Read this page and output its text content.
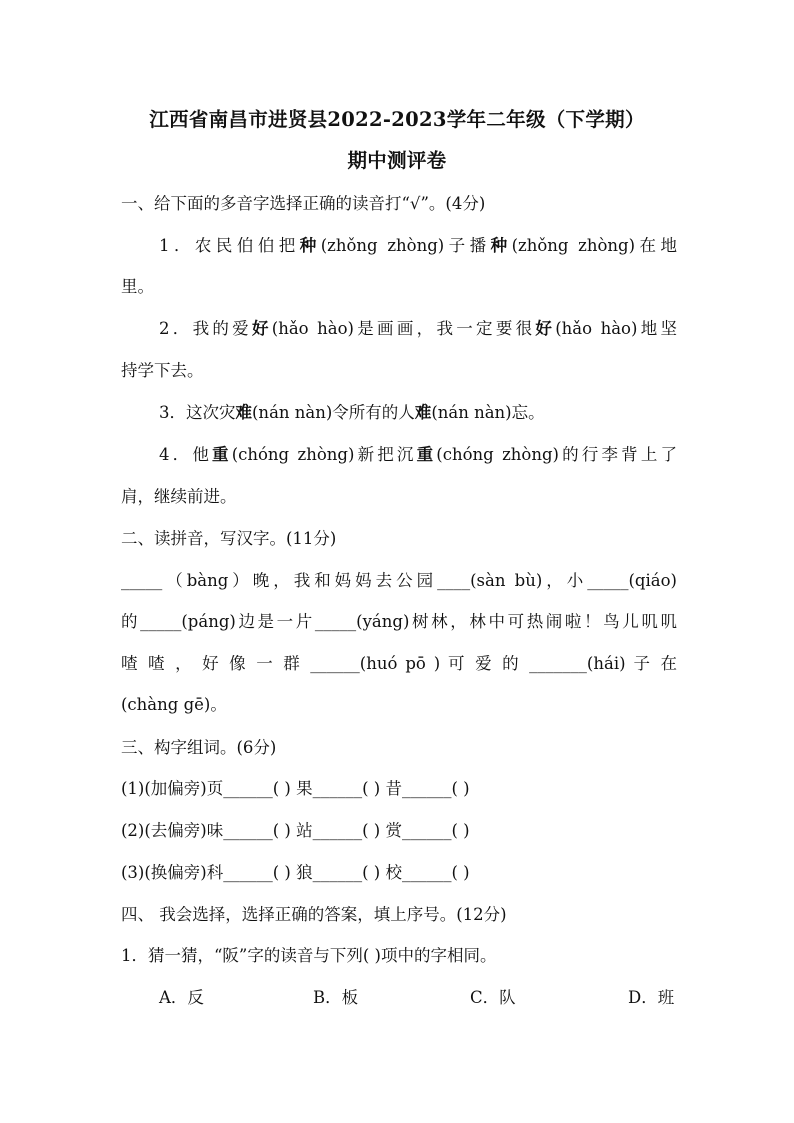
江西省南昌市进贤县2022-2023学年二年级（下学期）
期中测评卷
一、给下面的多音字选择正确的读音打“√”。(4分)
1．农民伯伯把种(zhǒng zhòng)子播种(zhǒng zhòng)在地
里。
2．我的爱好(hǎo hào)是画画，我一定要很好(hǎo hào)地坚
持学下去。
3．这次灾难(nán nàn)令所有的人难(nán nàn)忘。
4．他重(chóng zhòng)新把沉重(chóng zhòng)的行李背上了
肩，继续前进。
二、读拼音，写汉字。(11分)
_____（bàng）晚，我和妈妈去公园____(sàn bù)，小_____(qiáo)
的_____(páng)边是一片_____(yáng)树林，林中可热闹啦！鸟儿叽叽
喳 喳 ， 好 像 一 群 ______(huó pō ) 可 爱 的 _______(hái) 子 在
(chàng gē)。
三、构字组词。(6分)
(1)(加偏旁)页______( ) 果______( ) 昔______( )
(2)(去偏旁)味______( ) 站______( ) 赏______( )
(3)(换偏旁)科______( ) 狼______( ) 校______( )
四、 我会选择，选择正确的答案，填上序号。(12分)
1．猜一猜，“阪”字的读音与下列( )项中的字相同。
A．反	B．板	C．队	D．班
